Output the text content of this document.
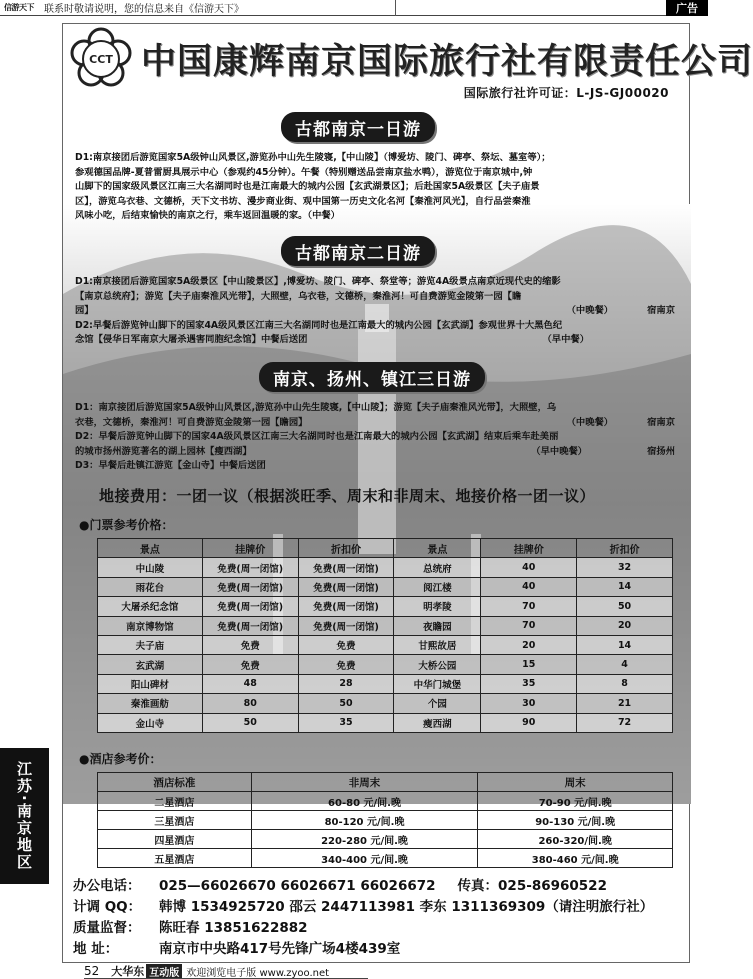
信游天下	联系时敬请说明，您的信息来自《信游天下》	广告
江苏·南京地区
CCT 中国康辉南京国际旅行社有限责任公司
国际旅行社许可证：L-JS-GJ00020
古都南京一日游

D1:南京接团后游览国家5A级钟山风景区,游览孙中山先生陵寝,【中山陵】（博爱坊、陵门、碑亭、祭坛、墓室等）；

参观德国品牌-夏普雷厨具展示中心（参观约45分钟）。午餐（特别赠送品尝南京盐水鸭），游览位于南京城中,钟

山脚下的国家级风景区江南三大名湖同时也是江南最大的城内公园【玄武湖景区】；后赴国家5A级景区【夫子庙景

区】，游览乌衣巷、文德桥，天下文书坊、漫步商业街、观中国第一历史文化名河【秦淮河风光】，自行品尝秦淮

风味小吃，后结束愉快的南京之行，乘车返回温暖的家。（中餐）

古都南京二日游

D1:南京接团后游览国家5A级景区【中山陵景区】,博爱坊、陵门、碑亭、祭堂等；游览4A级景点南京近现代史的缩影

【南京总统府】；游览【夫子庙秦淮风光带】，大照壁，乌衣巷，文德桥，秦淮河！可自费游览金陵第一园【瞻

园】	（中晚餐）	宿南京

D2:早餐后游览钟山脚下的国家4A级风景区江南三大名湖同时也是江南最大的城内公园【玄武湖】参观世界十大黑色纪

念馆【侵华日军南京大屠杀遇害同胞纪念馆】中餐后送团	（早中餐）
南京、扬州、镇江三日游

D1：南京接团后游览国家5A级钟山风景区,游览孙中山先生陵寝,【中山陵】；游览【夫子庙秦淮风光带】，大照壁，乌

衣巷，文德桥，秦淮河！可自费游览金陵第一园【瞻园】	（中晚餐）	宿南京

D2：早餐后游览钟山脚下的国家4A级风景区江南三大名湖同时也是江南最大的城内公园【玄武湖】结束后乘车赴美丽

的城市扬州游览著名的湖上园林【瘦西湖】	（早中晚餐）	宿扬州

D3：早餐后赴镇江游览【金山寺】中餐后送团

地接费用：一团一议（根据淡旺季、周末和非周末、地接价格一团一议）
●门票参考价格：
景点	挂牌价	折扣价	景点	挂牌价	折扣价
中山陵	免费(周一闭馆)	免费(周一闭馆)	总统府	40	32
雨花台	免费(周一闭馆)	免费(周一闭馆)	阅江楼	40	14
大屠杀纪念馆	免费(周一闭馆)	免费(周一闭馆)	明孝陵	70	50
南京博物馆	免费(周一闭馆)	免费(周一闭馆)	夜瞻园	70	20
夫子庙	免费	免费	甘熙故居	20	14
玄武湖	免费	免费	大桥公园	15	4
阳山碑材	48	28	中华门城堡	35	8
秦淮画舫	80	50	个园	30	21
金山寺	50	35	瘦西湖	90	72
●酒店参考价：
酒店标准	非周末	周末
二星酒店	60-80 元/间.晚	70-90 元/间.晚
三星酒店	80-120 元/间.晚	90-130 元/间.晚
四星酒店	220-280 元/间.晚	260-320/间.晚
五星酒店	340-400 元/间.晚	380-460 元/间.晚
办公电话： 025—66026670 66026671 66026672 传真：025-86960522
计调 QQ： 韩博 1534925720 邵云 2447113981 李东 1311369309（请注明旅行社）
质量监督： 陈旺春 13851622882
地 址：	南京市中央路417号先锋广场4楼439室
52 大华东 互动版 欢迎浏览电子版 www.zyoo.net
